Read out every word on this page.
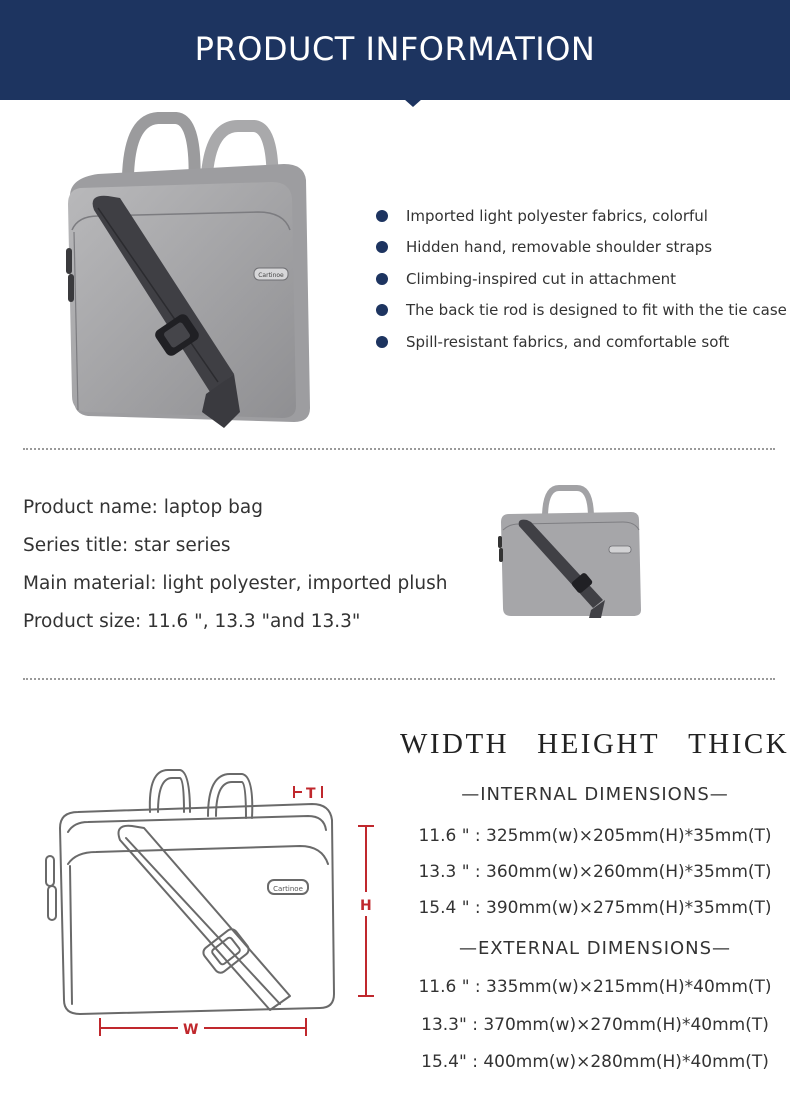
PRODUCT INFORMATION
Cartinoe
Imported light polyester fabrics, colorful
Hidden hand, removable shoulder straps
Climbing-inspired cut in attachment
The back tie rod is designed to fit with the tie case
Spill-resistant fabrics, and comfortable soft
Product name: laptop bag
Series title: star series
Main material: light polyester, imported plush
Product size: 11.6 ", 13.3 "and 13.3"
Cartinoe
T
H
W
WIDTH HEIGHT THICK
—INTERNAL DIMENSIONS—
11.6 " : 325mm(w)×205mm(H)*35mm(T)
13.3 " : 360mm(w)×260mm(H)*35mm(T)
15.4 " : 390mm(w)×275mm(H)*35mm(T)
—EXTERNAL DIMENSIONS—
11.6 " : 335mm(w)×215mm(H)*40mm(T)
13.3" : 370mm(w)×270mm(H)*40mm(T)
15.4" : 400mm(w)×280mm(H)*40mm(T)
